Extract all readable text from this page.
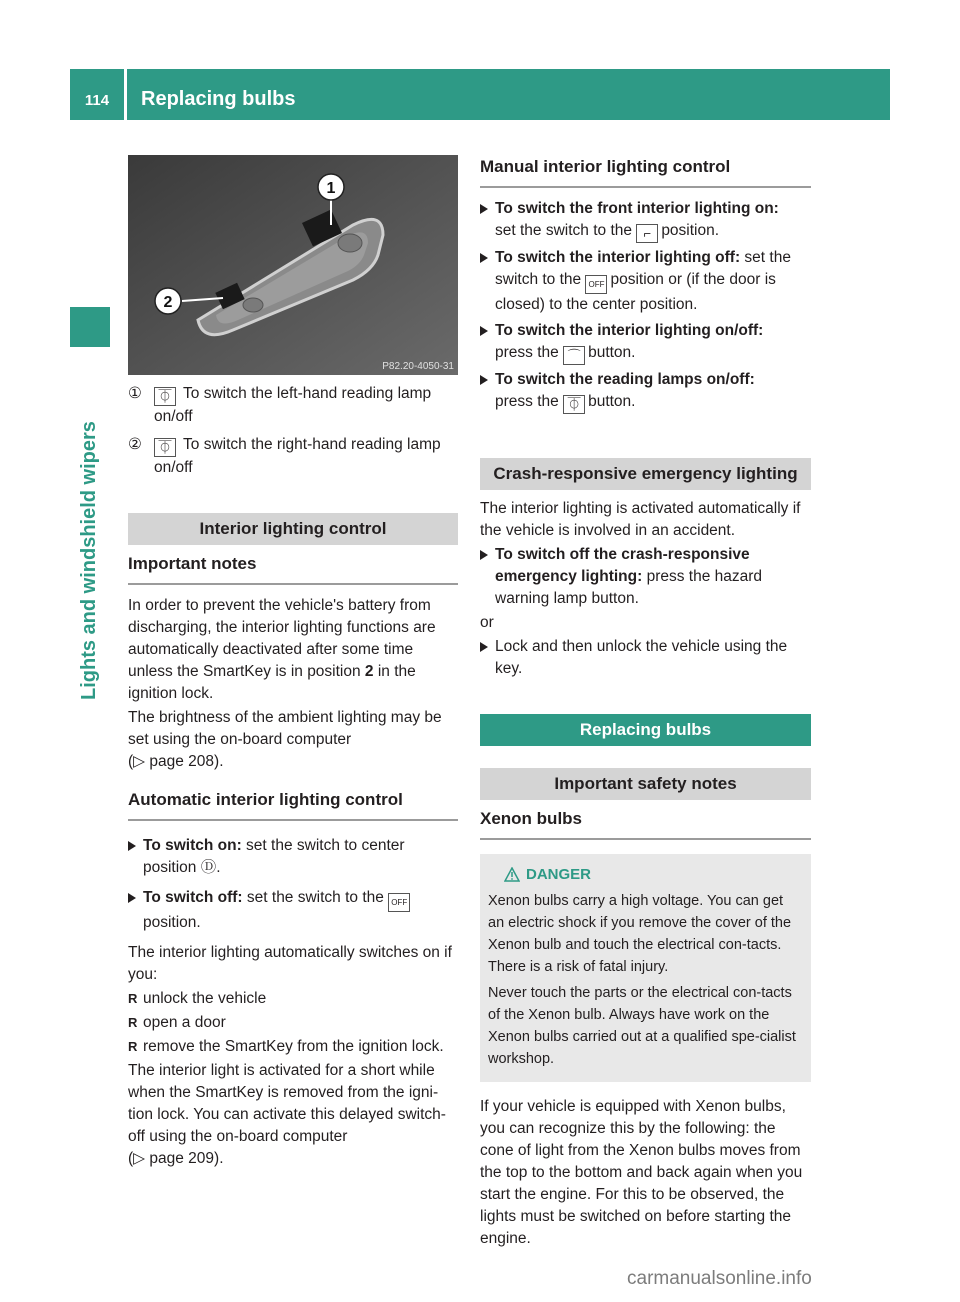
114	Replacing bulbs
Lights and windshield wipers
1
2
P82.20-4050-31
① ⏁ To switch the left-hand reading lamp on/off
② ⏁ To switch the right-hand reading lamp on/off
Interior lighting control
Important notes

In order to prevent the vehicle's battery from discharging, the interior lighting functions are automatically deactivated after some time unless the SmartKey is in position 2 in the ignition lock.

The brightness of the ambient lighting may be set using the on-board computer
(▷ page 208).

Automatic interior lighting control
To switch on: set the switch to center position Ⓓ.
To switch off: set the switch to the OFF
position.

The interior lighting automatically switches on if you:

R unlock the vehicle
R open a door
R remove the SmartKey from the ignition lock.

The interior light is activated for a short while when the SmartKey is removed from the igni-tion lock. You can activate this delayed switch-off using the on-board computer
(▷ page 209).

Manual interior lighting control
To switch the front interior lighting on:
set the switch to the ⌐ position.
To switch the interior lighting off: set the switch to the OFF position or (if the door is closed) to the center position.
To switch the interior lighting on/off:
press the ⌒ button.
To switch the reading lamps on/off:
press the ⏁ button.
Crash-responsive emergency lighting

The interior lighting is activated automatically if the vehicle is involved in an accident.

To switch off the crash-responsive emergency lighting: press the hazard warning lamp button.

or

Lock and then unlock the vehicle using the key.
Replacing bulbs
Important safety notes
Xenon bulbs
DANGER

Xenon bulbs carry a high voltage. You can get an electric shock if you remove the cover of the Xenon bulb and touch the electrical con-tacts. There is a risk of fatal injury.

Never touch the parts or the electrical con-tacts of the Xenon bulb. Always have work on the Xenon bulbs carried out at a qualified spe-cialist workshop.

If your vehicle is equipped with Xenon bulbs, you can recognize this by the following: the cone of light from the Xenon bulbs moves from the top to the bottom and back again when you start the engine. For this to be observed, the lights must be switched on before starting the engine.

carmanualsonline.info
